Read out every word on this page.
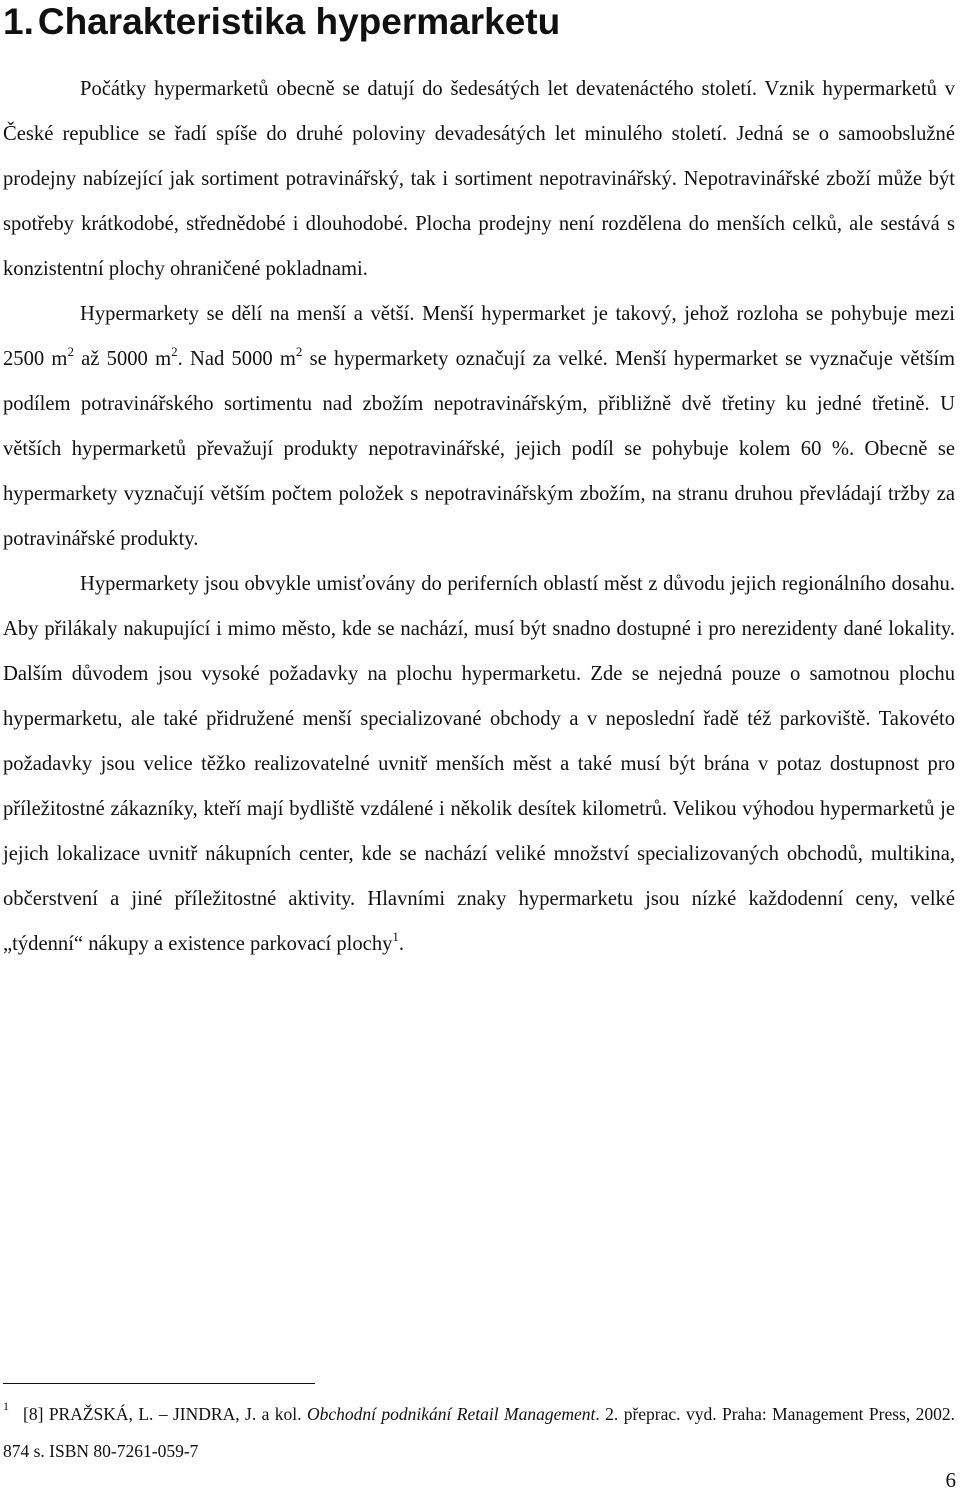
1. Charakteristika hypermarketu

Počátky hypermarketů obecně se datují do šedesátých let devatenáctého století. Vznik hypermarketů v České republice se řadí spíše do druhé poloviny devadesátých let minulého století. Jedná se o samoobslužné prodejny nabízející jak sortiment potravinářský, tak i sortiment nepotravinářský. Nepotravinářské zboží může být spotřeby krátkodobé, střednědobé i dlouhodobé. Plocha prodejny není rozdělena do menších celků, ale sestává s konzistentní plochy ohraničené pokladnami.

Hypermarkety se dělí na menší a větší. Menší hypermarket je takový, jehož rozloha se pohybuje mezi 2500 $m^2$ až 5000 $m^2$. Nad 5000 $m^2$ se hypermarkety označují za velké. Menší hypermarket se vyznačuje větším podílem potravinářského sortimentu nad zbožím nepotravinářským, přibližně dvě třetiny ku jedné třetině. U větších hypermarketů převažují produkty nepotravinářské, jejich podíl se pohybuje kolem 60 %. Obecně se hypermarkety vyznačují větším počtem položek s nepotravinářským zbožím, na stranu druhou převládají tržby za potravinářské produkty.

Hypermarkety jsou obvykle umisťovány do periferních oblastí měst z důvodu jejich regionálního dosahu. Aby přilákaly nakupující i mimo město, kde se nachází, musí být snadno dostupné i pro nerezidenty dané lokality. Dalším důvodem jsou vysoké požadavky na plochu hypermarketu. Zde se nejedná pouze o samotnou plochu hypermarketu, ale také přidružené menší specializované obchody a v neposlední řadě též parkoviště. Takovéto požadavky jsou velice těžko realizovatelné uvnitř menších měst a také musí být brána v potaz dostupnost pro příležitostné zákazníky, kteří mají bydliště vzdálené i několik desítek kilometrů. Velikou výhodou hypermarketů je jejich lokalizace uvnitř nákupních center, kde se nachází veliké množství specializovaných obchodů, multikina, občerstvení a jiné příležitostné aktivity. Hlavními znaky hypermarketu jsou nízké každodenní ceny, velké „týdenní“ nákupy a existence parkovací plochy$^1$.

$^1$ [8] PRAŽSKÁ, L. – JINDRA, J. a kol. Obchodní podnikání Retail Management. 2. přeprac. vyd. Praha: Management Press, 2002. 874 s. ISBN 80-7261-059-7
6
